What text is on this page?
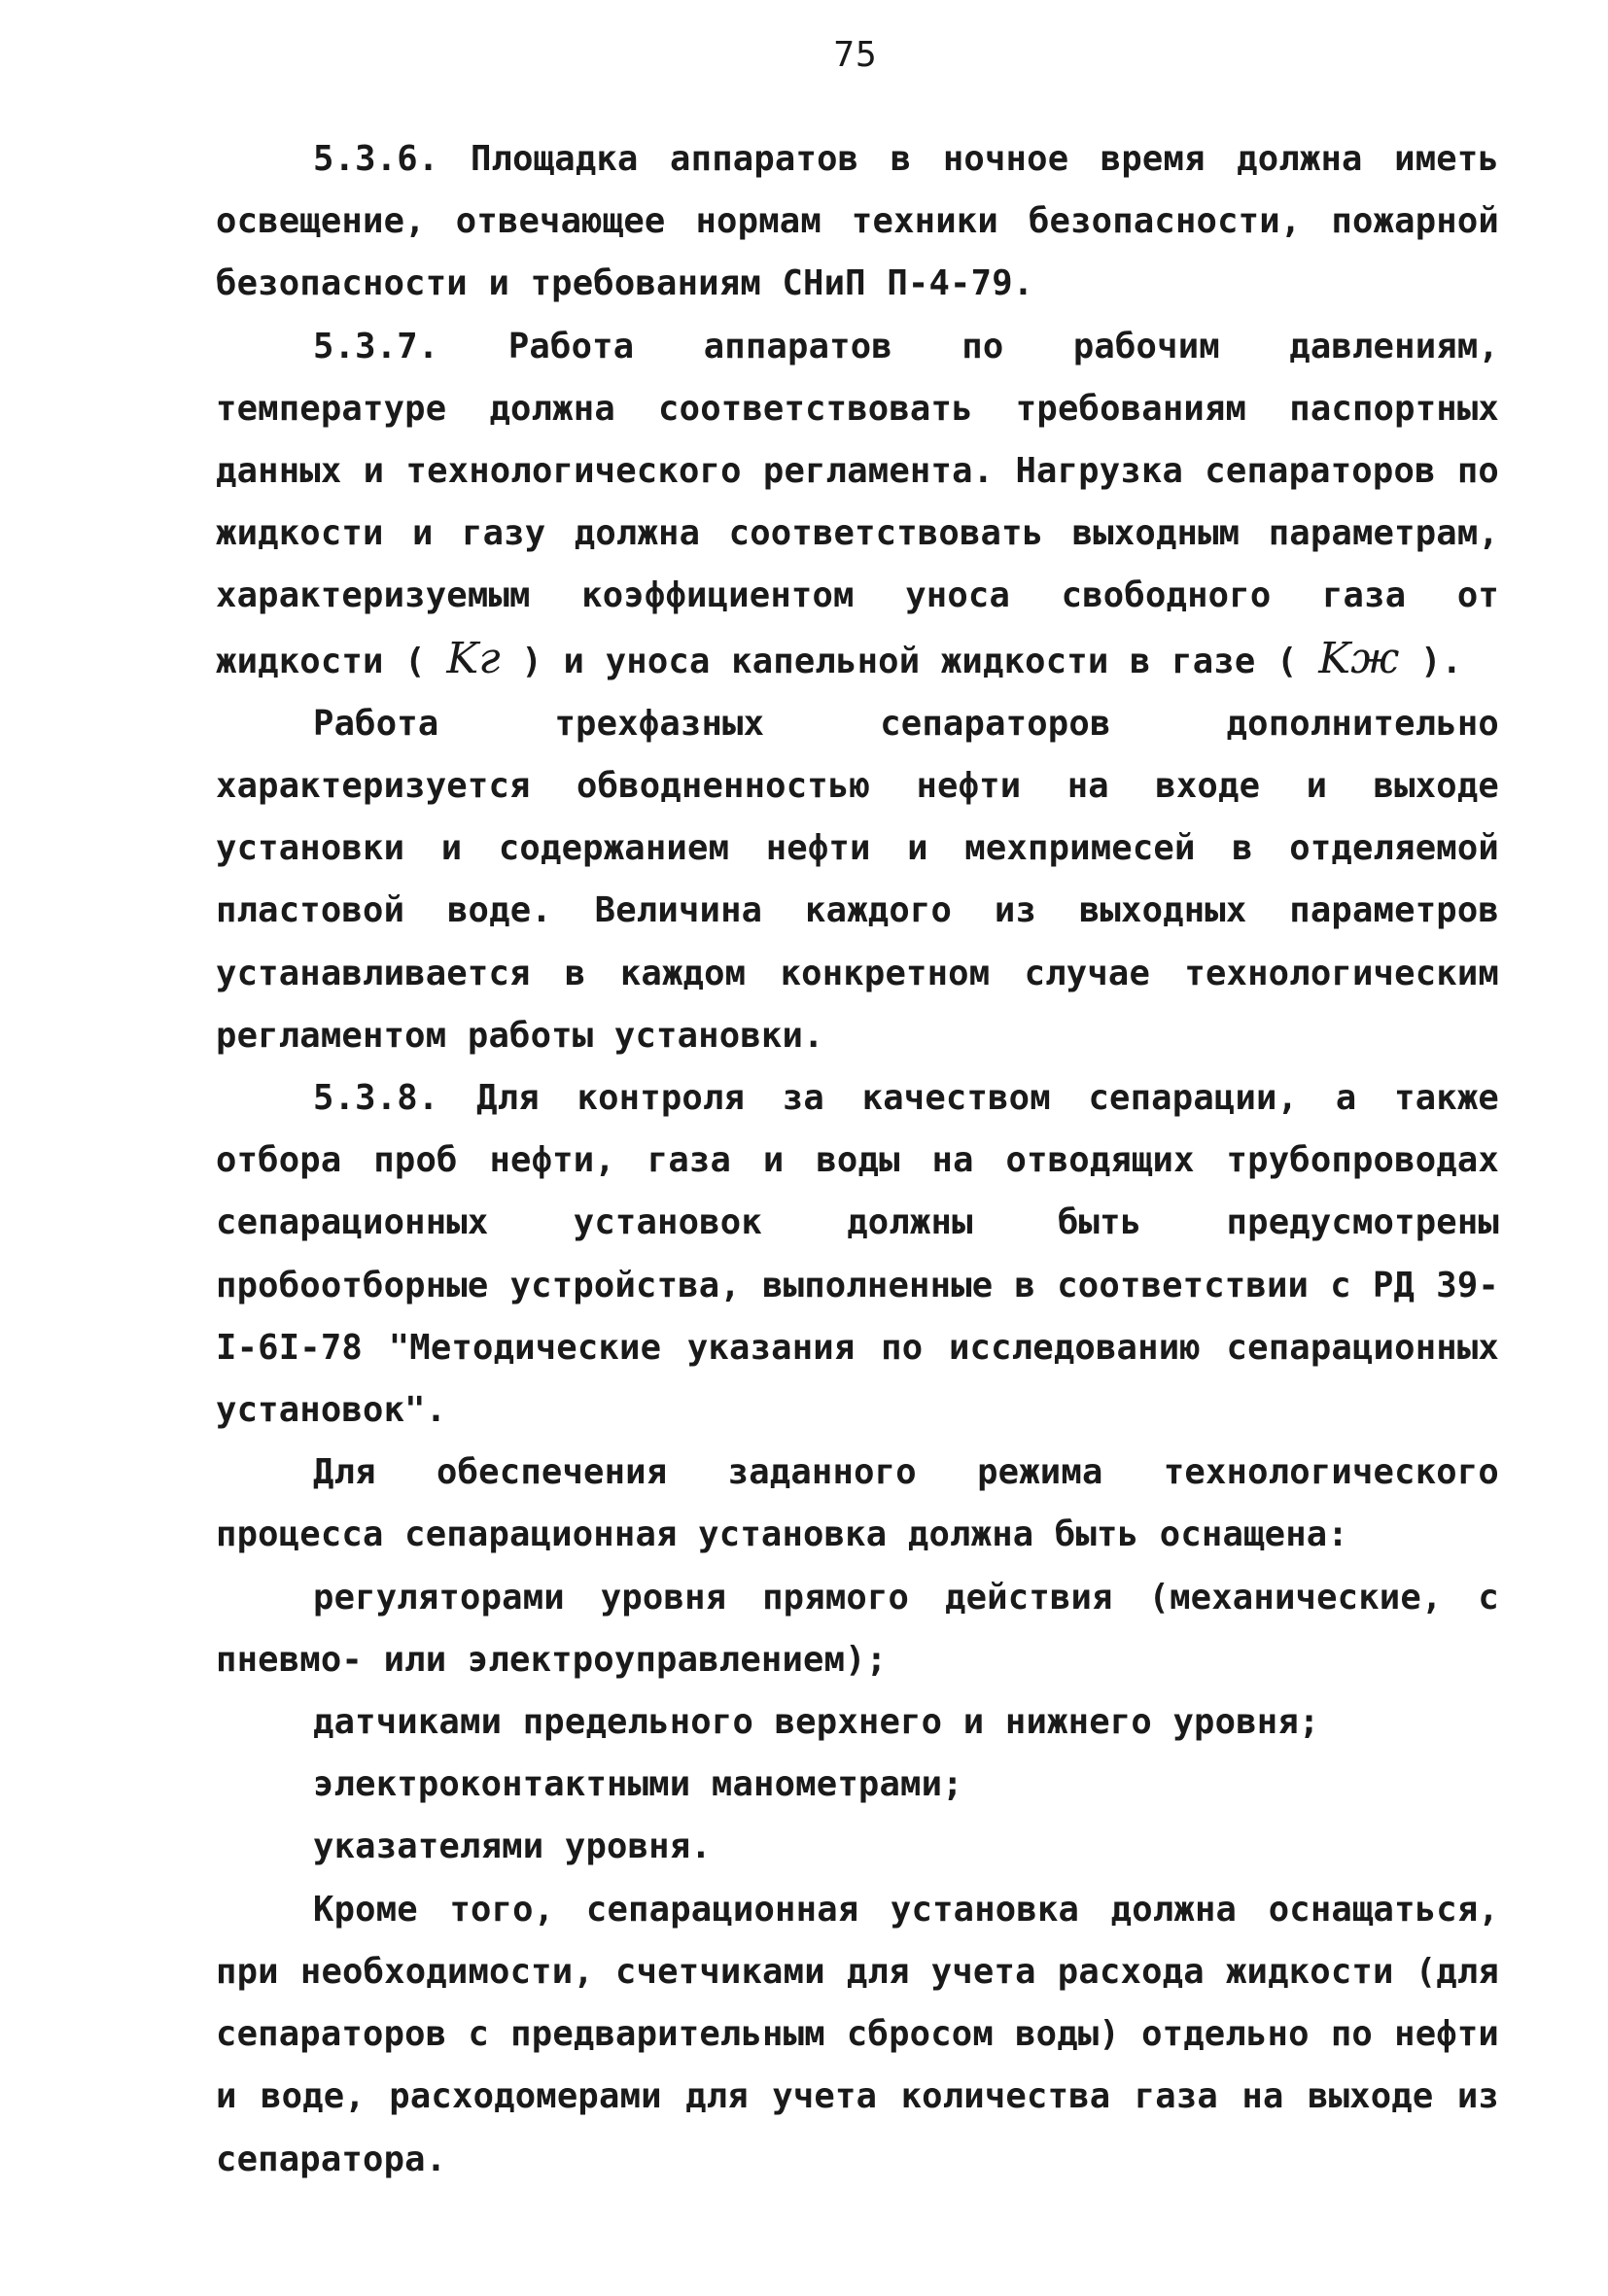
75

5.3.6. Площадка аппаратов в ночное время должна иметь освещение, отвечающее нормам техники безопасности, пожарной безопасности и требованиям СНиП П-4-79.

5.3.7. Работа аппаратов по рабочим давлениям, температуре должна соответствовать требованиям паспортных данных и технологического регламента. Нагрузка сепараторов по жидкости и газу должна соответствовать выходным параметрам, характеризуемым коэффициентом уноса свободного газа от жидкости ( Kг ) и уноса капельной жидкости в газе ( Kж ).

Работа трехфазных сепараторов дополнительно характеризуется обводненностью нефти на входе и выходе установки и содержанием нефти и мехпримесей в отделяемой пластовой воде. Величина каждого из выходных параметров устанавливается в каждом конкретном случае технологическим регламентом работы установки.

5.3.8. Для контроля за качеством сепарации, а также отбора проб нефти, газа и воды на отводящих трубопроводах сепарационных установок должны быть предусмотрены пробоотборные устройства, выполненные в соответствии с РД 39-I-6I-78 "Методические указания по исследованию сепарационных установок".

Для обеспечения заданного режима технологического процесса сепарационная установка должна быть оснащена:

регуляторами уровня прямого действия (механические, с пневмо- или электроуправлением);

датчиками предельного верхнего и нижнего уровня;

электроконтактными манометрами;

указателями уровня.

Кроме того, сепарационная установка должна оснащаться, при необходимости, счетчиками для учета расхода жидкости (для сепараторов с предварительным сбросом воды) отдельно по нефти и воде, расходомерами для учета количества газа на выходе из сепаратора.
